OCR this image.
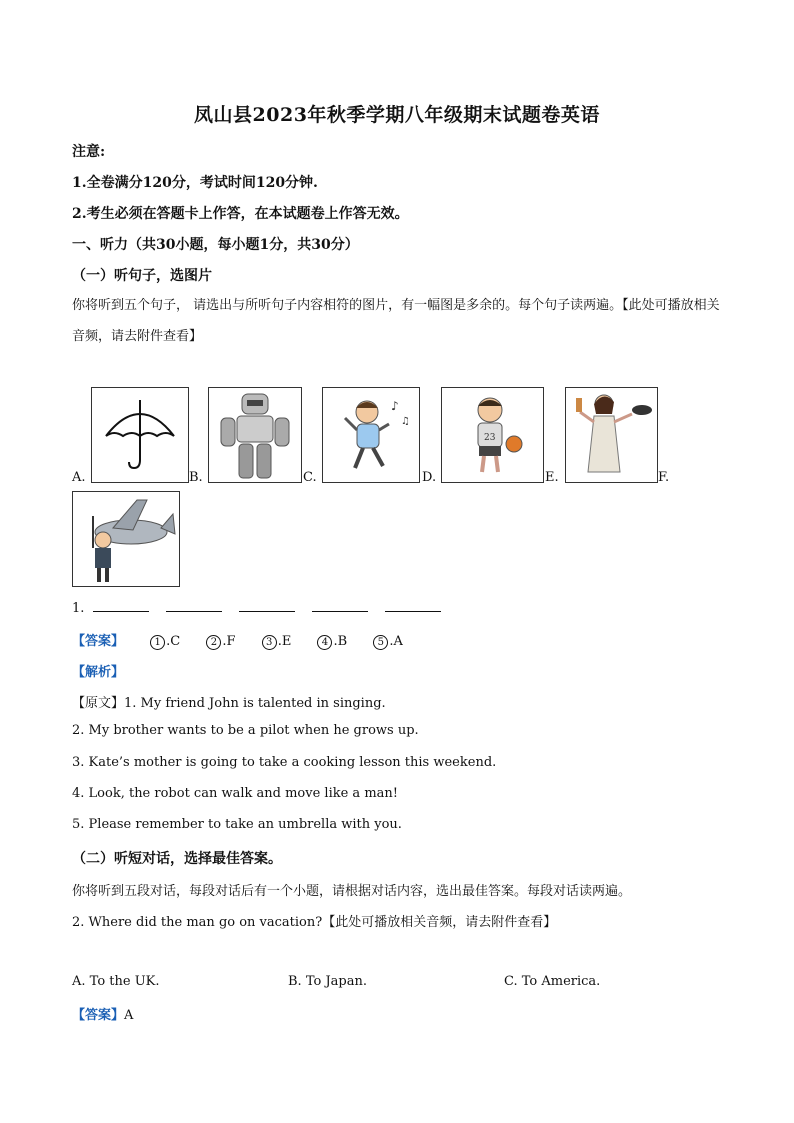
凤山县2023年秋季学期八年级期末试题卷英语
注意:
1.全卷满分120分，考试时间120分钟.
2.考生必须在答题卡上作答，在本试题卷上作答无效。
一、听力（共30小题，每小题1分，共30分）
（一）听句子，选图片
你将听到五个句子， 请选出与所听句子内容相符的图片，有一幅图是多余的。每个句子读两遍。【此处可播放相关音频，请去附件查看】
A.	B.
♪
♫
C.
23
D.	E.	F.
1.
【答案】	1 .C	2 .F	3 .E	4 .B	5 .A
【解析】
【原文】1. My friend John is talented in singing.
2. My brother wants to be a pilot when he grows up.
3. Kate’s mother is going to take a cooking lesson this weekend.
4. Look, the robot can walk and move like a man!
5. Please remember to take an umbrella with you.
（二）听短对话，选择最佳答案。
你将听到五段对话，每段对话后有一个小题，请根据对话内容，选出最佳答案。每段对话读两遍。
2. Where did the man go on vacation?【此处可播放相关音频，请去附件查看】
A. To the UK.	B. To Japan.	C. To America.
【答案】A
